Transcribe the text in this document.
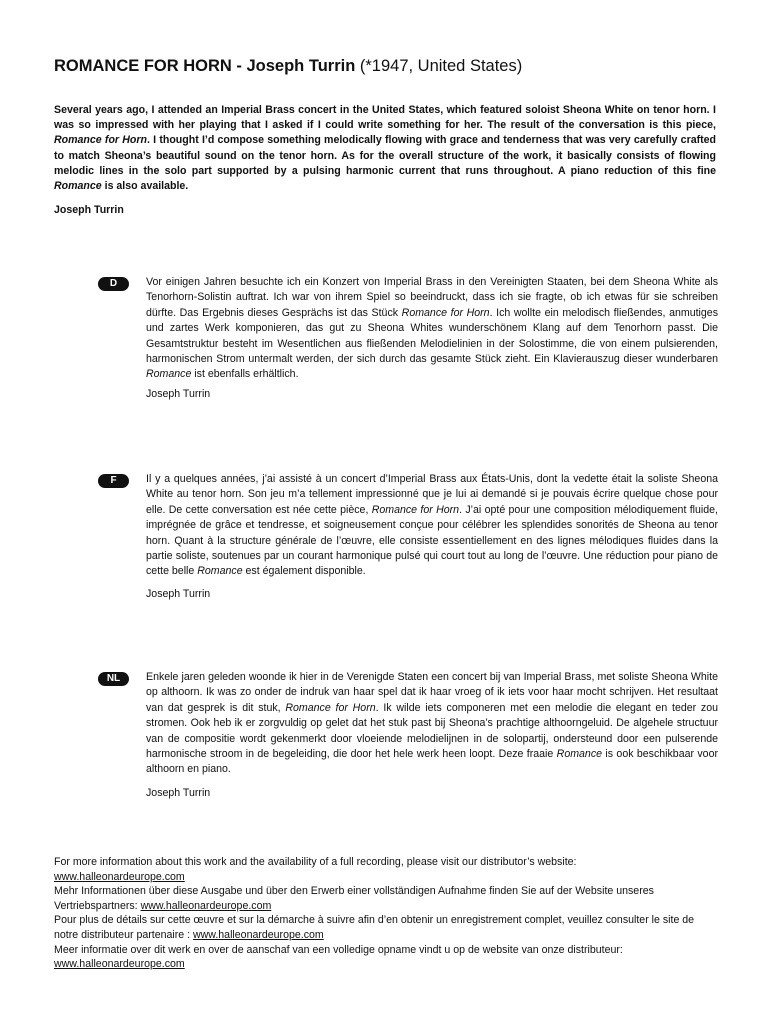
ROMANCE FOR HORN - Joseph Turrin (*1947, United States)
Several years ago, I attended an Imperial Brass concert in the United States, which featured soloist Sheona White on tenor horn. I was so impressed with her playing that I asked if I could write something for her. The result of the conversation is this piece, Romance for Horn. I thought I’d compose something melodically flowing with grace and tenderness that was very carefully crafted to match Sheona’s beautiful sound on the tenor horn. As for the overall structure of the work, it basically consists of flowing melodic lines in the solo part supported by a pulsing harmonic current that runs throughout. A piano reduction of this fine Romance is also available.
Joseph Turrin
D	Vor einigen Jahren besuchte ich ein Konzert von Imperial Brass in den Vereinigten Staaten, bei dem Sheona White als Tenorhorn-Solistin auftrat. Ich war von ihrem Spiel so beeindruckt, dass ich sie fragte, ob ich etwas für sie schreiben dürfte. Das Ergebnis dieses Gesprächs ist das Stück Romance for Horn. Ich wollte ein melodisch fließendes, anmutiges und zartes Werk komponieren, das gut zu Sheona Whites wunderschönem Klang auf dem Tenorhorn passt. Die Gesamtstruktur besteht im Wesentlichen aus fließenden Melodielinien in der Solostimme, die von einem pulsierenden, harmonischen Strom untermalt werden, der sich durch das gesamte Stück zieht. Ein Klavierauszug dieser wunderbaren Romance ist ebenfalls erhältlich.
Joseph Turrin
F	Il y a quelques années, j’ai assisté à un concert d’Imperial Brass aux États-Unis, dont la vedette était la soliste Sheona White au tenor horn. Son jeu m’a tellement impressionné que je lui ai demandé si je pouvais écrire quelque chose pour elle. De cette conversation est née cette pièce, Romance for Horn. J’ai opté pour une composition mélodiquement fluide, imprégnée de grâce et tendresse, et soigneusement conçue pour célébrer les splendides sonorités de Sheona au tenor horn. Quant à la structure générale de l’œuvre, elle consiste essentiellement en des lignes mélodiques fluides dans la partie soliste, soutenues par un courant harmonique pulsé qui court tout au long de l’œuvre. Une réduction pour piano de cette belle Romance est également disponible.
Joseph Turrin
NL	Enkele jaren geleden woonde ik hier in de Verenigde Staten een concert bij van Imperial Brass, met soliste Sheona White op althoorn. Ik was zo onder de indruk van haar spel dat ik haar vroeg of ik iets voor haar mocht schrijven. Het resultaat van dat gesprek is dit stuk, Romance for Horn. Ik wilde iets componeren met een melodie die elegant en teder zou stromen. Ook heb ik er zorgvuldig op gelet dat het stuk past bij Sheona’s prachtige althoorngeluid. De algehele structuur van de compositie wordt gekenmerkt door vloeiende melodielijnen in de solopartij, ondersteund door een pulserende harmonische stroom in de begeleiding, die door het hele werk heen loopt. Deze fraaie Romance is ook beschikbaar voor althoorn en piano.
Joseph Turrin

For more information about this work and the availability of a full recording, please visit our distributor’s website:
www.halleonardeurope.com

Mehr Informationen über diese Ausgabe und über den Erwerb einer vollständigen Aufnahme finden Sie auf der Website unseres Vertriebspartners: www.halleonardeurope.com

Pour plus de détails sur cette œuvre et sur la démarche à suivre afin d’en obtenir un enregistrement complet, veuillez consulter le site de notre distributeur partenaire : www.halleonardeurope.com

Meer informatie over dit werk en over de aanschaf van een volledige opname vindt u op de website van onze distributeur:
www.halleonardeurope.com
